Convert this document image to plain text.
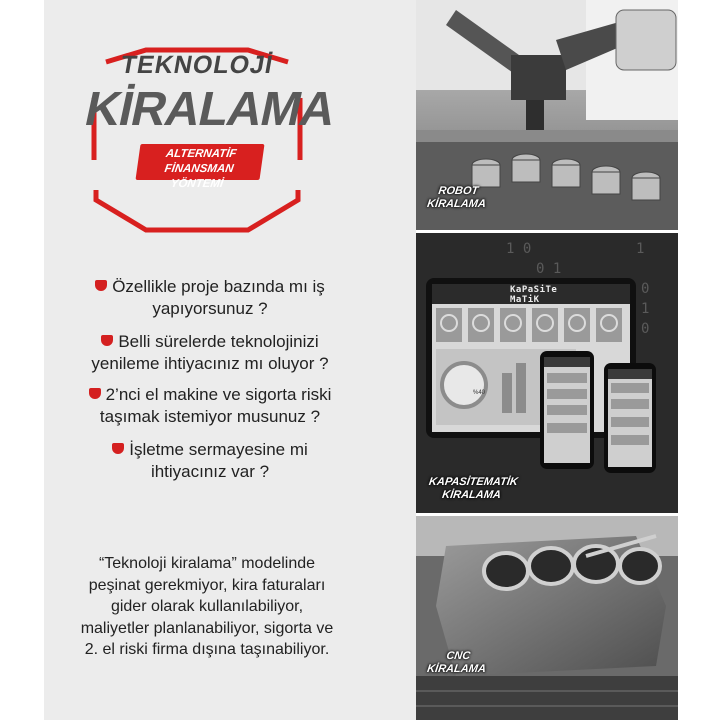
TEKNOLOJİ
KİRALAMA
ALTERNATİF
FİNANSMAN YÖNTEMİ
Özellikle proje bazında mı iş
yapıyorsunuz ?
Belli sürelerde teknolojinizi
yenileme ihtiyacınız mı oluyor ?
2’nci el makine ve sigorta riski
taşımak istemiyor musunuz ?
İşletme sermayesine mi
ihtiyacınız var ?
“Teknoloji kiralama” modelinde
peşinat gerekmiyor, kira faturaları
gider olarak kullanılabiliyor,
maliyetler planlanabiliyor, sigorta ve
2. el riski firma dışına taşınabiliyor.
ROBOT
KİRALAMA
1 0
0 1
1
0
1
0
KaPaSiTe
MaTiK
%40
KAPASİTEMATİK
KİRALAMA
CNC
KİRALAMA
